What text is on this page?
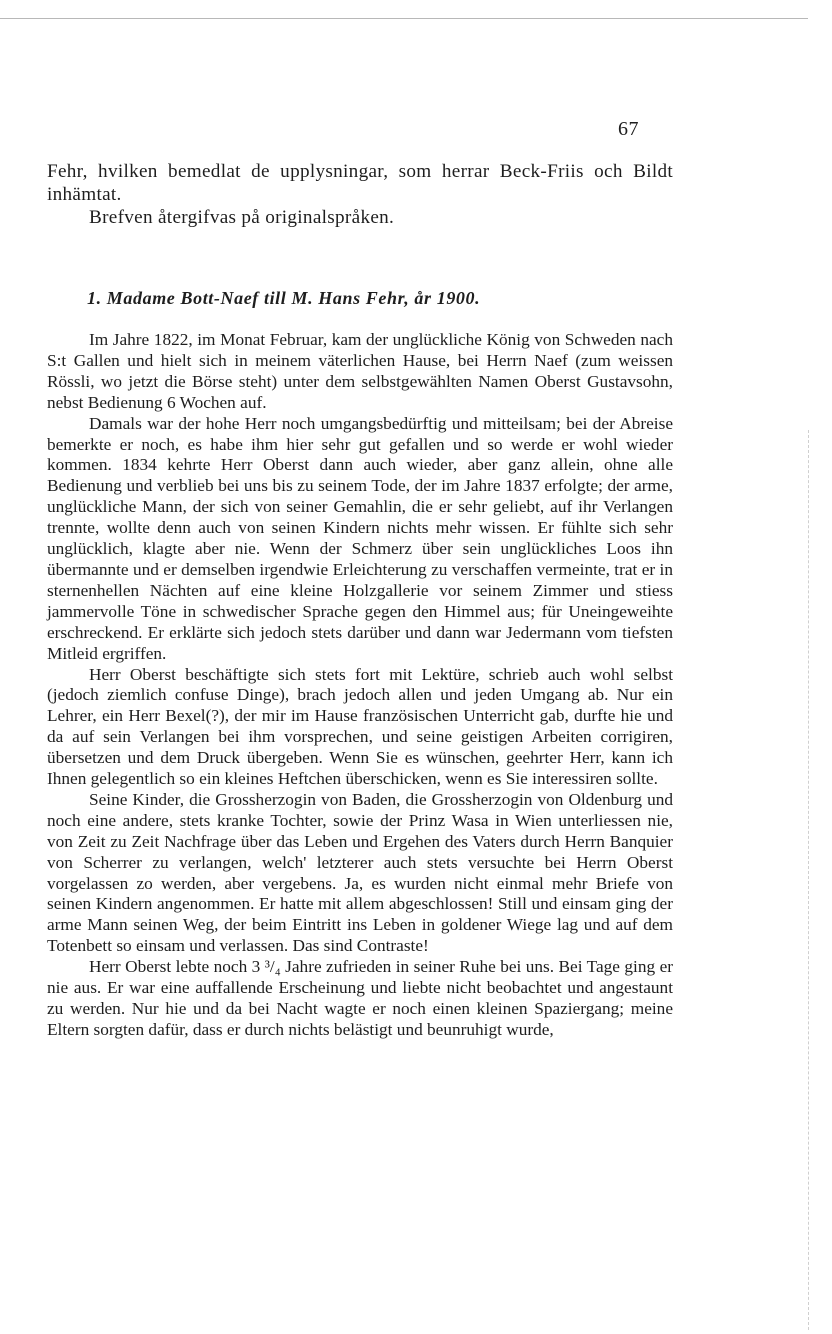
67

Fehr, hvilken bemedlat de upplysningar, som herrar Beck-Friis och Bildt inhämtat.

Brefven återgifvas på originalspråken.

1. Madame Bott-Naef till M. Hans Fehr, år 1900.

Im Jahre 1822, im Monat Februar, kam der unglückliche König von Schweden nach S:t Gallen und hielt sich in meinem väterlichen Hause, bei Herrn Naef (zum weissen Rössli, wo jetzt die Börse steht) unter dem selbstgewählten Namen Oberst Gustavsohn, nebst Bedienung 6 Wochen auf.

Damals war der hohe Herr noch umgangsbedürftig und mitteilsam; bei der Abreise bemerkte er noch, es habe ihm hier sehr gut gefallen und so werde er wohl wieder kommen. 1834 kehrte Herr Oberst dann auch wieder, aber ganz allein, ohne alle Bedienung und verblieb bei uns bis zu seinem Tode, der im Jahre 1837 erfolgte; der arme, unglückliche Mann, der sich von seiner Gemahlin, die er sehr geliebt, auf ihr Verlangen trennte, wollte denn auch von seinen Kindern nichts mehr wissen. Er fühlte sich sehr unglücklich, klagte aber nie. Wenn der Schmerz über sein unglückliches Loos ihn übermannte und er demselben irgendwie Erleichterung zu verschaffen vermeinte, trat er in sternenhellen Nächten auf eine kleine Holzgallerie vor seinem Zimmer und stiess jammervolle Töne in schwedischer Sprache gegen den Himmel aus; für Uneingeweihte erschreckend. Er erklärte sich jedoch stets darüber und dann war Jedermann vom tiefsten Mitleid ergriffen.

Herr Oberst beschäftigte sich stets fort mit Lektüre, schrieb auch wohl selbst (jedoch ziemlich confuse Dinge), brach jedoch allen und jeden Umgang ab. Nur ein Lehrer, ein Herr Bexel(?), der mir im Hause französischen Unterricht gab, durfte hie und da auf sein Verlangen bei ihm vorsprechen, und seine geistigen Arbeiten corrigiren, übersetzen und dem Druck übergeben. Wenn Sie es wünschen, geehrter Herr, kann ich Ihnen gelegentlich so ein kleines Heftchen überschicken, wenn es Sie interessiren sollte.

Seine Kinder, die Grossherzogin von Baden, die Grossherzogin von Oldenburg und noch eine andere, stets kranke Tochter, sowie der Prinz Wasa in Wien unterliessen nie, von Zeit zu Zeit Nachfrage über das Leben und Ergehen des Vaters durch Herrn Banquier von Scherrer zu verlangen, welch' letzterer auch stets versuchte bei Herrn Oberst vorgelassen zo werden, aber vergebens. Ja, es wurden nicht einmal mehr Briefe von seinen Kindern angenommen. Er hatte mit allem abgeschlossen! Still und einsam ging der arme Mann seinen Weg, der beim Eintritt ins Leben in goldener Wiege lag und auf dem Totenbett so einsam und verlassen. Das sind Contraste!

Herr Oberst lebte noch 3 ³/₄ Jahre zufrieden in seiner Ruhe bei uns. Bei Tage ging er nie aus. Er war eine auffallende Erscheinung und liebte nicht beobachtet und angestaunt zu werden. Nur hie und da bei Nacht wagte er noch einen kleinen Spaziergang; meine Eltern sorgten dafür, dass er durch nichts belästigt und beunruhigt wurde,
